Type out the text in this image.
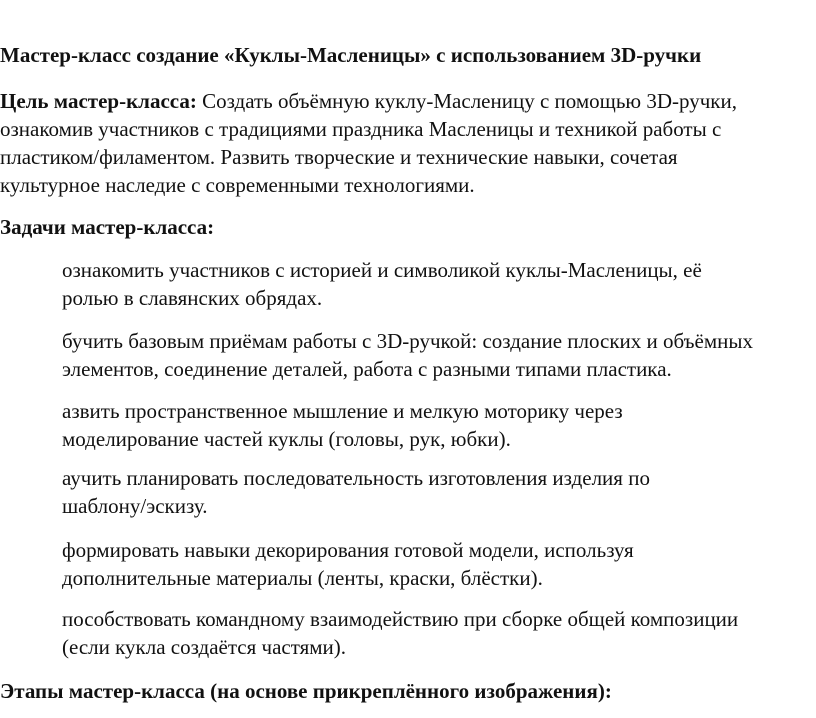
Мастер-класс создание «Куклы-Масленицы» с использованием 3D-ручки
Цель мастер-класса: Создать объёмную куклу-Масленицу с помощью 3D-ручки,
ознакомив участников с традициями праздника Масленицы и техникой работы с
пластиком/филаментом. Развить творческие и технические навыки, сочетая
культурное наследие с современными технологиями.
Задачи мастер-класса:
ознакомить участников с историей и символикой куклы-Масленицы, её
ролью в славянских обрядах.
бучить базовым приёмам работы с 3D-ручкой: создание плоских и объёмных
элементов, соединение деталей, работа с разными типами пластика.
азвить пространственное мышление и мелкую моторику через
моделирование частей куклы (головы, рук, юбки).
аучить планировать последовательность изготовления изделия по
шаблону/эскизу.
формировать навыки декорирования готовой модели, используя
дополнительные материалы (ленты, краски, блёстки).
пособствовать командному взаимодействию при сборке общей композиции
(если кукла создаётся частями).
Этапы мастер-класса (на основе прикреплённого изображения):
